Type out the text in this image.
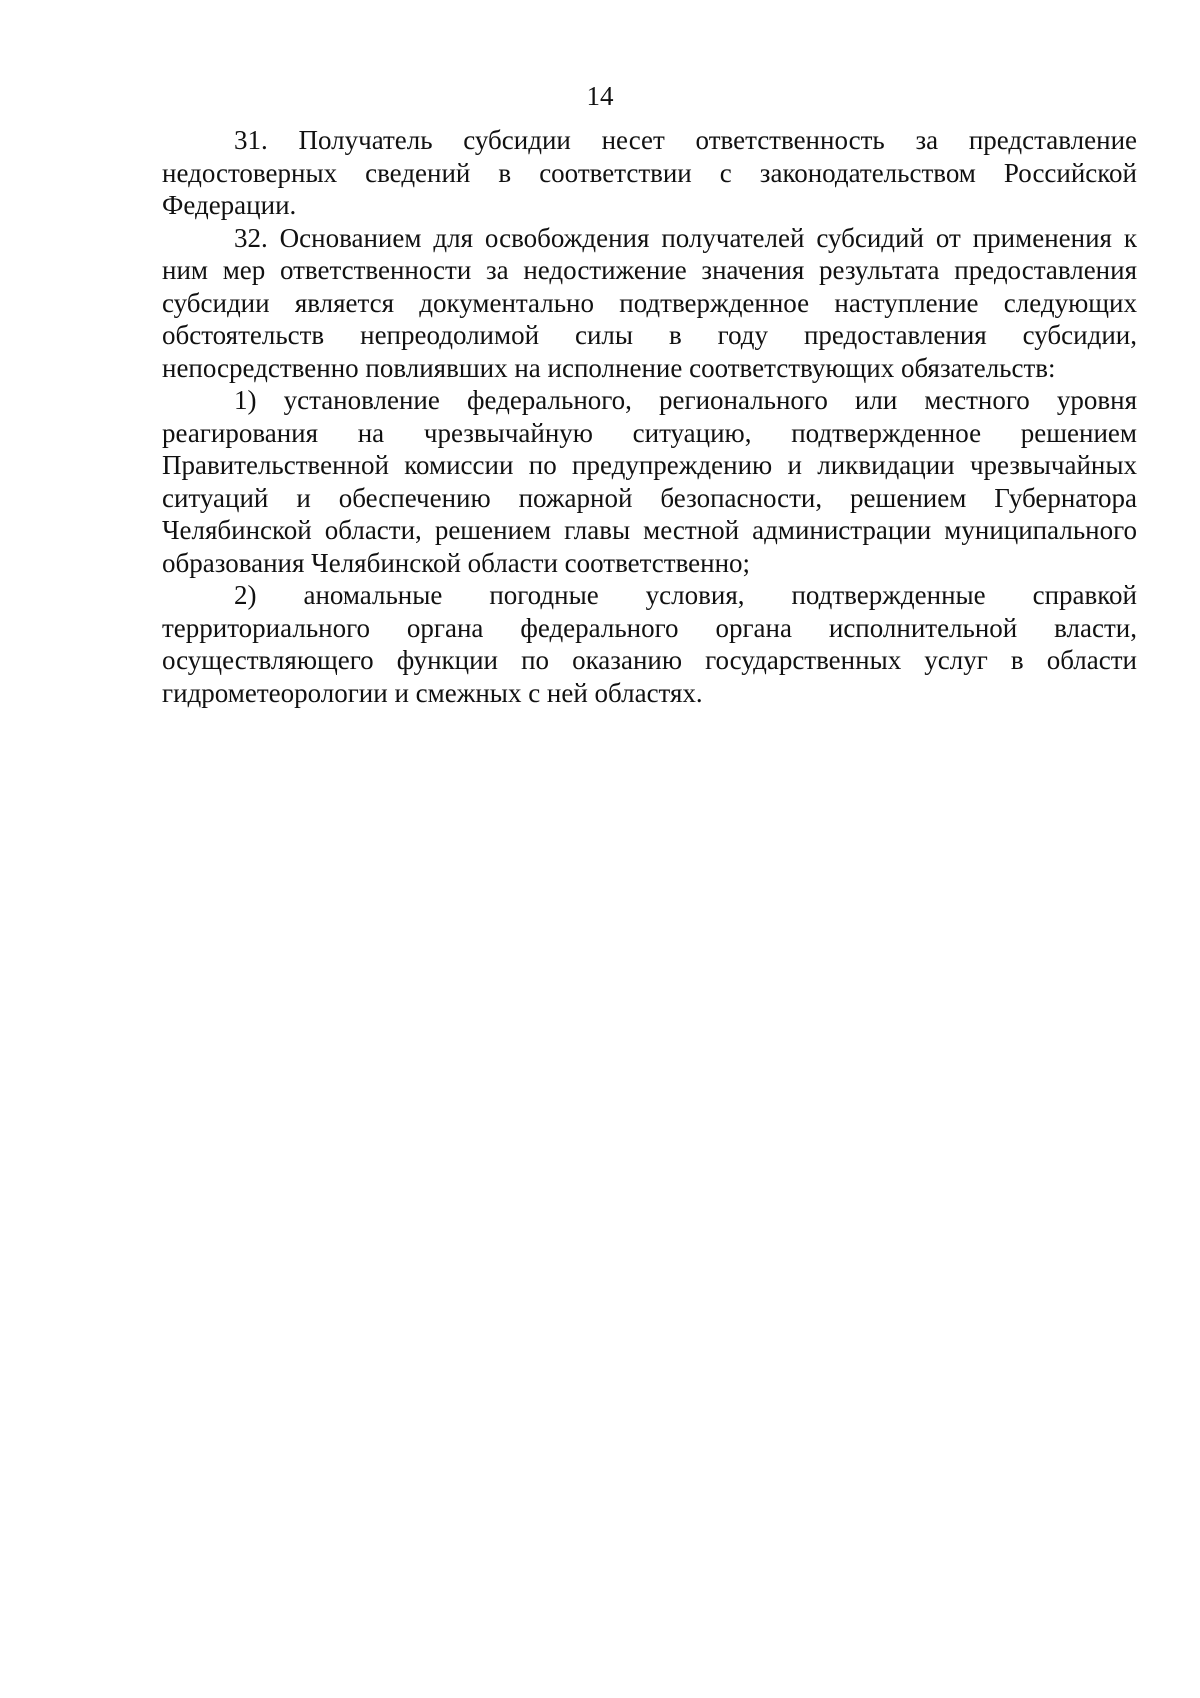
14

31. Получатель субсидии несет ответственность за представление недостоверных сведений в соответствии с законодательством Российской Федерации.

32. Основанием для освобождения получателей субсидий от применения к ним мер ответственности за недостижение значения результата предоставления субсидии является документально подтвержденное наступление следующих обстоятельств непреодолимой силы в году предоставления субсидии, непосредственно повлиявших на исполнение соответствующих обязательств:

1) установление федерального, регионального или местного уровня реагирования на чрезвычайную ситуацию, подтвержденное решением Правительственной комиссии по предупреждению и ликвидации чрезвычайных ситуаций и обеспечению пожарной безопасности, решением Губернатора Челябинской области, решением главы местной администрации муниципального образования Челябинской области соответственно;

2) аномальные погодные условия, подтвержденные справкой территориального органа федерального органа исполнительной власти, осуществляющего функции по оказанию государственных услуг в области гидрометеорологии и смежных с ней областях.
